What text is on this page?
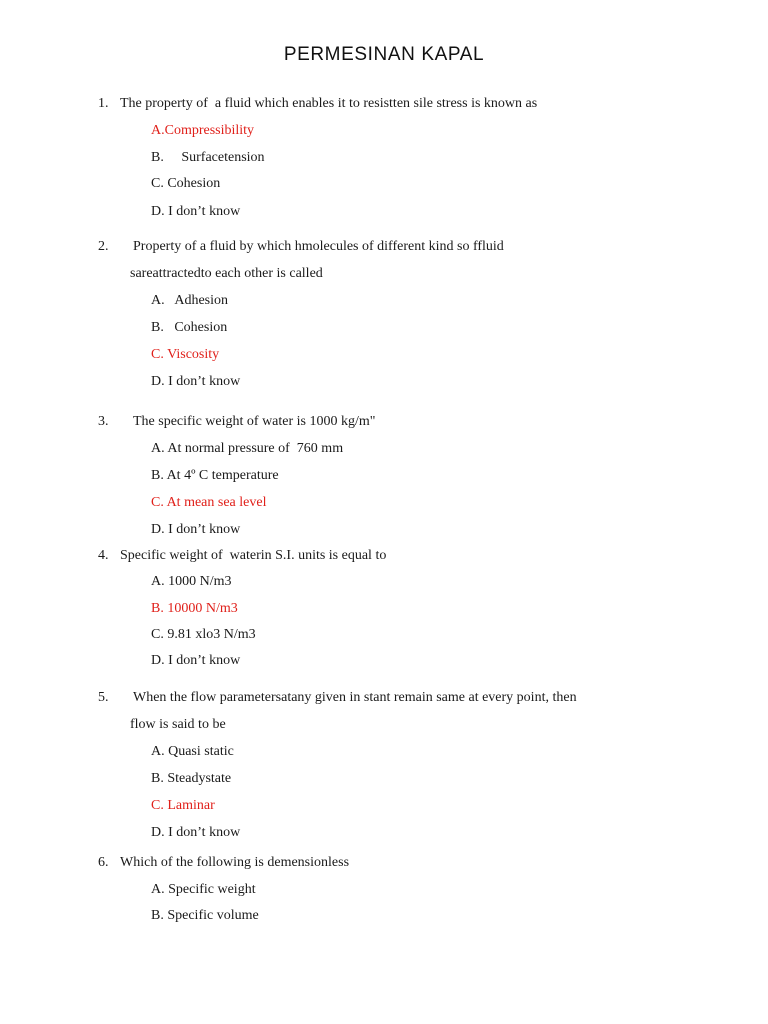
PERMESINAN KAPAL
1. The property of  a fluid which enables it to resistten sile stress is known as
A.Compressibility
B.     Surfacetension
C. Cohesion
D. I don’t know
2. Property of a fluid by which hmolecules of different kind so ffluid
sareattractedto each other is called
A.   Adhesion
B.   Cohesion
C. Viscosity
D. I don’t know
3. The specific weight of water is 1000 kg/m"
A. At normal pressure of  760 mm
B. At 4º C temperature
C. At mean sea level
D. I don’t know
4. Specific weight of  waterin S.I. units is equal to
A. 1000 N/m3
B. 10000 N/m3
C. 9.81 xlo3 N/m3
D. I don’t know
5. When the flow parametersatany given in stant remain same at every point, then
flow is said to be
A. Quasi static
B. Steadystate
C. Laminar
D. I don’t know
6. Which of the following is demensionless
A. Specific weight
B. Specific volume
